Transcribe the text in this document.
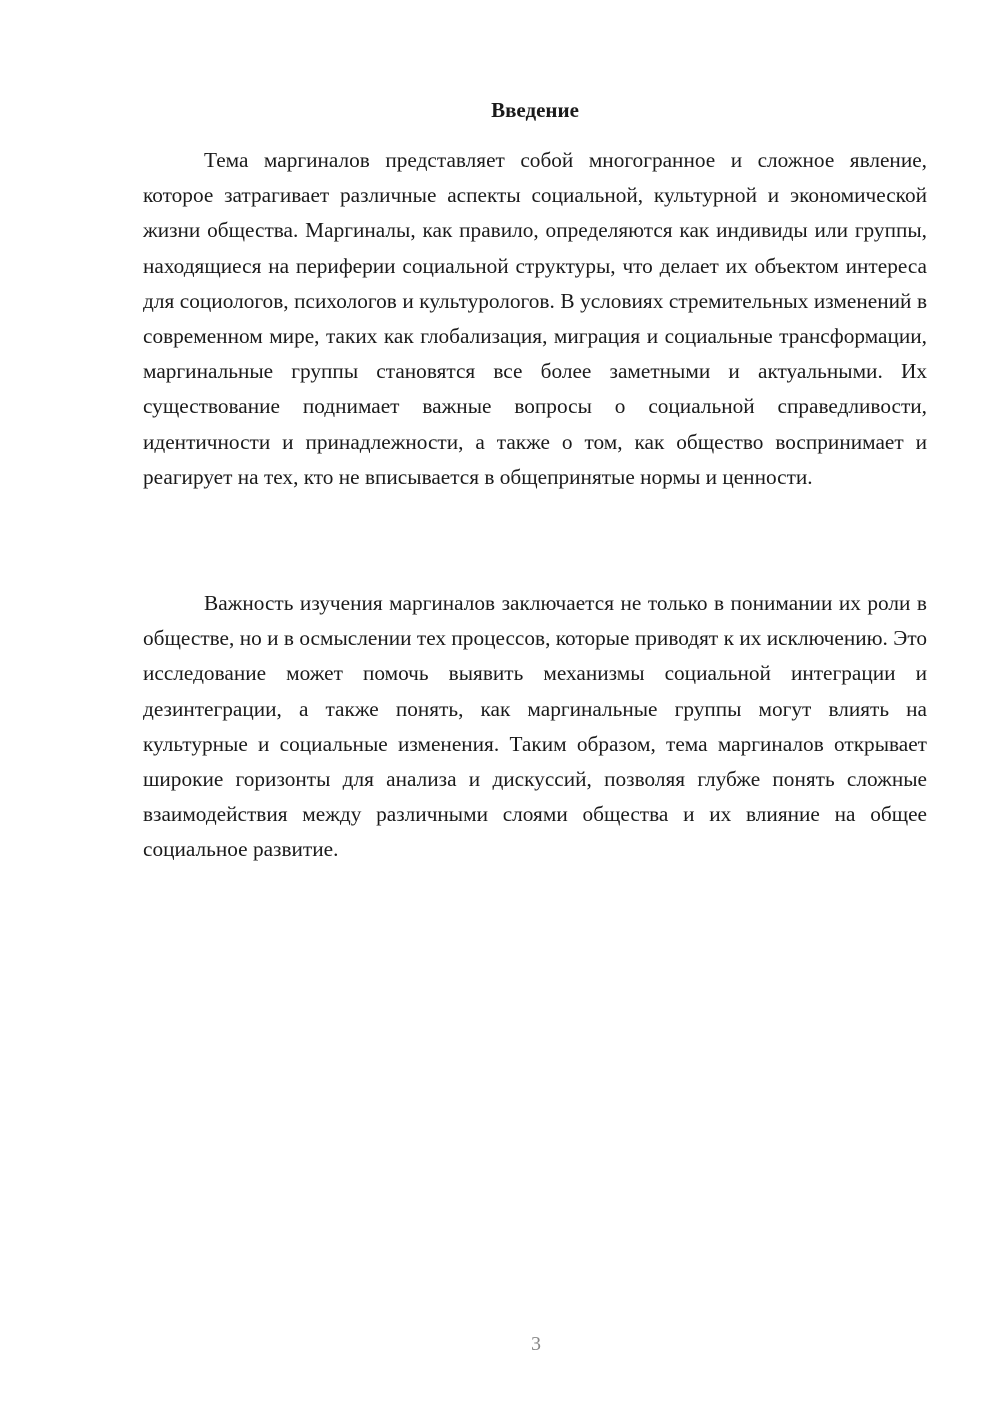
Введение

Тема маргиналов представляет собой многогранное и сложное явление, которое затрагивает различные аспекты социальной, культурной и экономической жизни общества. Маргиналы, как правило, определяются как индивиды или группы, находящиеся на периферии социальной структуры, что делает их объектом интереса для социологов, психологов и культурологов. В условиях стремительных изменений в современном мире, таких как глобализация, миграция и социальные трансформации, маргинальные группы становятся все более заметными и актуальными. Их существование поднимает важные вопросы о социальной справедливости, идентичности и принадлежности, а также о том, как общество воспринимает и реагирует на тех, кто не вписывается в общепринятые нормы и ценности.

Важность изучения маргиналов заключается не только в понимании их роли в обществе, но и в осмыслении тех процессов, которые приводят к их исключению. Это исследование может помочь выявить механизмы социальной интеграции и дезинтеграции, а также понять, как маргинальные группы могут влиять на культурные и социальные изменения. Таким образом, тема маргиналов открывает широкие горизонты для анализа и дискуссий, позволяя глубже понять сложные взаимодействия между различными слоями общества и их влияние на общее социальное развитие.

3
